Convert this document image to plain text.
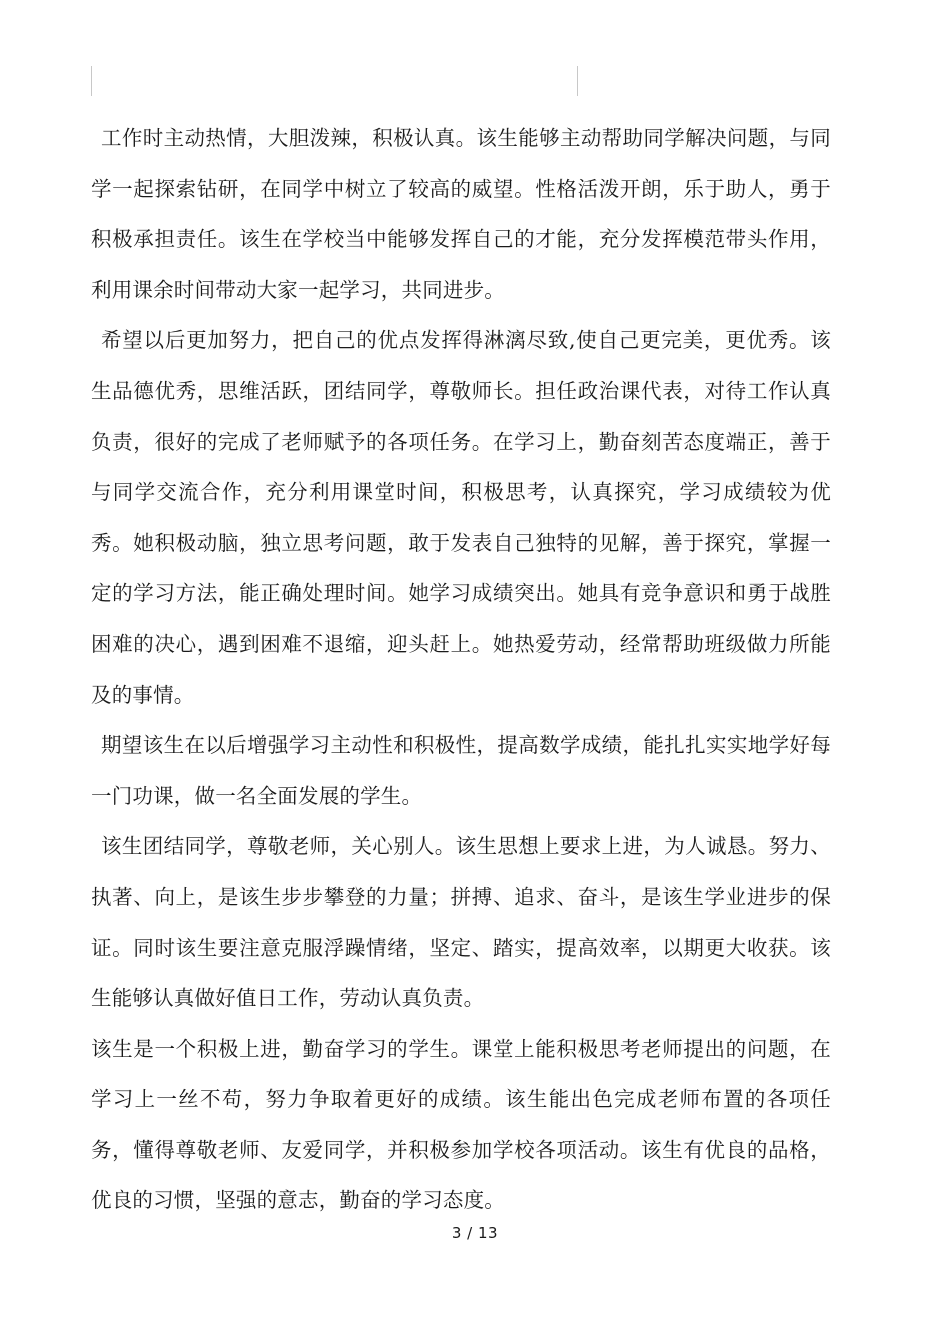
工作时主动热情，大胆泼辣，积极认真。该生能够主动帮助同学解决问题，与同学一起探索钻研，在同学中树立了较高的威望。性格活泼开朗，乐于助人，勇于积极承担责任。该生在学校当中能够发挥自己的才能，充分发挥模范带头作用，利用课余时间带动大家一起学习，共同进步。

希望以后更加努力，把自己的优点发挥得淋漓尽致,使自己更完美，更优秀。该生品德优秀，思维活跃，团结同学，尊敬师长。担任政治课代表，对待工作认真负责，很好的完成了老师赋予的各项任务。在学习上，勤奋刻苦态度端正，善于与同学交流合作，充分利用课堂时间，积极思考，认真探究，学习成绩较为优秀。她积极动脑，独立思考问题，敢于发表自己独特的见解，善于探究，掌握一定的学习方法，能正确处理时间。她学习成绩突出。她具有竞争意识和勇于战胜困难的决心，遇到困难不退缩，迎头赶上。她热爱劳动，经常帮助班级做力所能及的事情。

期望该生在以后增强学习主动性和积极性，提高数学成绩，能扎扎实实地学好每一门功课，做一名全面发展的学生。

该生团结同学，尊敬老师，关心别人。该生思想上要求上进，为人诚恳。努力、执著、向上，是该生步步攀登的力量；拼搏、追求、奋斗，是该生学业进步的保证。同时该生要注意克服浮躁情绪，坚定、踏实，提高效率，以期更大收获。该生能够认真做好值日工作，劳动认真负责。

该生是一个积极上进，勤奋学习的学生。课堂上能积极思考老师提出的问题，在学习上一丝不苟，努力争取着更好的成绩。该生能出色完成老师布置的各项任务，懂得尊敬老师、友爱同学，并积极参加学校各项活动。该生有优良的品格，优良的习惯，坚强的意志，勤奋的学习态度。

3 / 13
